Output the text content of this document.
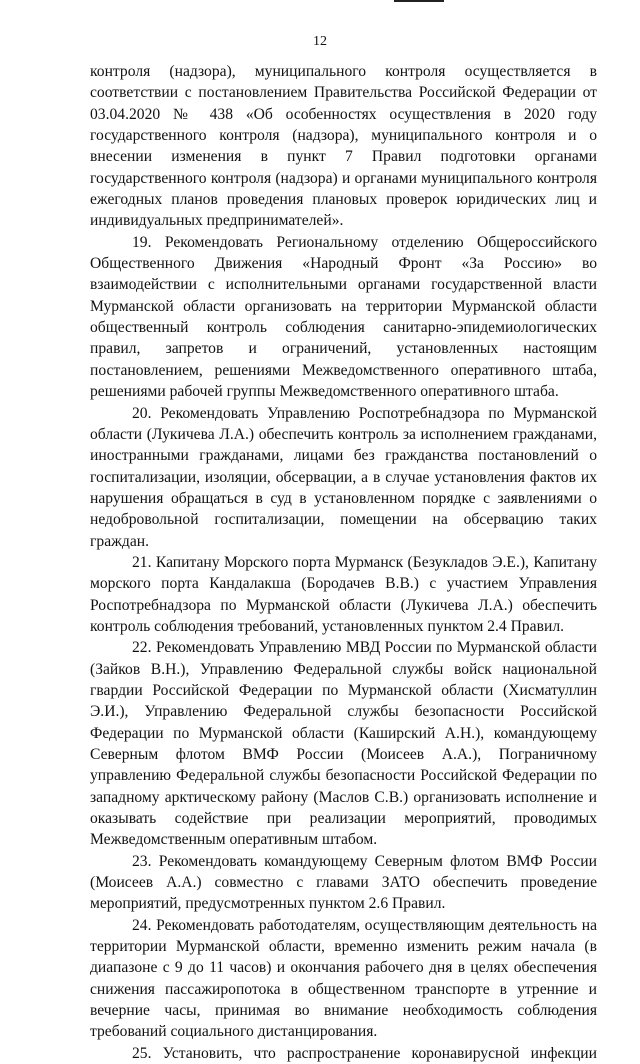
12

контроля (надзора), муниципального контроля осуществляется в соответствии с постановлением Правительства Российской Федерации от 03.04.2020 № 438 «Об особенностях осуществления в 2020 году государственного контроля (надзора), муниципального контроля и о внесении изменения в пункт 7 Правил подготовки органами государственного контроля (надзора) и органами муниципального контроля ежегодных планов проведения плановых проверок юридических лиц и индивидуальных предпринимателей».

19. Рекомендовать Региональному отделению Общероссийского Общественного Движения «Народный Фронт «За Россию» во взаимодействии с исполнительными органами государственной власти Мурманской области организовать на территории Мурманской области общественный контроль соблюдения санитарно-эпидемиологических правил, запретов и ограничений, установленных настоящим постановлением, решениями Межведомственного оперативного штаба, решениями рабочей группы Межведомственного оперативного штаба.

20. Рекомендовать Управлению Роспотребнадзора по Мурманской области (Лукичева Л.А.) обеспечить контроль за исполнением гражданами, иностранными гражданами, лицами без гражданства постановлений о госпитализации, изоляции, обсервации, а в случае установления фактов их нарушения обращаться в суд в установленном порядке с заявлениями о недобровольной госпитализации, помещении на обсервацию таких граждан.

21. Капитану Морского порта Мурманск (Безукладов Э.Е.), Капитану морского порта Кандалакша (Бородачев В.В.) с участием Управления Роспотребнадзора по Мурманской области (Лукичева Л.А.) обеспечить контроль соблюдения требований, установленных пунктом 2.4 Правил.

22. Рекомендовать Управлению МВД России по Мурманской области (Зайков В.Н.), Управлению Федеральной службы войск национальной гвардии Российской Федерации по Мурманской области (Хисматуллин Э.И.), Управлению Федеральной службы безопасности Российской Федерации по Мурманской области (Каширский А.Н.), командующему Северным флотом ВМФ России (Моисеев А.А.), Пограничному управлению Федеральной службы безопасности Российской Федерации по западному арктическому району (Маслов С.В.) организовать исполнение и оказывать содействие при реализации мероприятий, проводимых Межведомственным оперативным штабом.

23. Рекомендовать командующему Северным флотом ВМФ России (Моисеев А.А.) совместно с главами ЗАТО обеспечить проведение мероприятий, предусмотренных пунктом 2.6 Правил.

24. Рекомендовать работодателям, осуществляющим деятельность на территории Мурманской области, временно изменить режим начала (в диапазоне с 9 до 11 часов) и окончания рабочего дня в целях обеспечения снижения пассажиропотока в общественном транспорте в утренние и вечерние часы, принимая во внимание необходимость соблюдения требований социального дистанцирования.

25. Установить, что распространение коронавирусной инфекции
